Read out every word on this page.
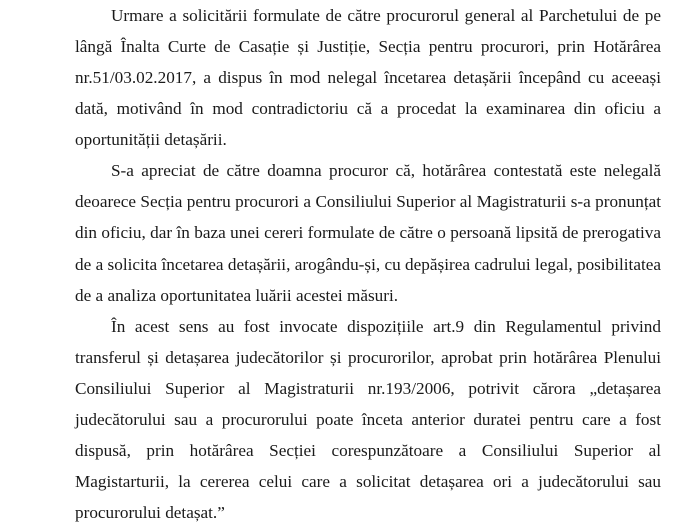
Urmare a solicitării formulate de către procurorul general al Parchetului de pe
lângă Înalta Curte de Casație și Justiție, Secția pentru procurori, prin Hotărârea
nr.51/03.02.2017, a dispus în mod nelegal încetarea detașării începând cu aceeași
dată, motivând în mod contradictoriu că a procedat la examinarea din oficiu a
oportunității detașării.
S-a apreciat de către doamna procuror că, hotărârea contestată este nelegală
deoarece Secția pentru procurori a Consiliului Superior al Magistraturii s-a pronunțat
din oficiu, dar în baza unei cereri formulate de către o persoană lipsită de prerogativa
de a solicita încetarea detașării, arogându-și, cu depășirea cadrului legal, posibilitatea
de a analiza oportunitatea luării acestei măsuri.
În acest sens au fost invocate dispozițiile art.9 din Regulamentul privind
transferul și detașarea judecătorilor și procurorilor, aprobat prin hotărârea Plenului
Consiliului Superior al Magistraturii nr.193/2006, potrivit cărora „detașarea
judecătorului sau a procurorului poate înceta anterior duratei pentru care a fost
dispusă, prin hotărârea Secției corespunzătoare a Consiliului Superior al
Magistarturii, la cererea celui care a solicitat detașarea ori a judecătorului sau
procurorului detașat.”
